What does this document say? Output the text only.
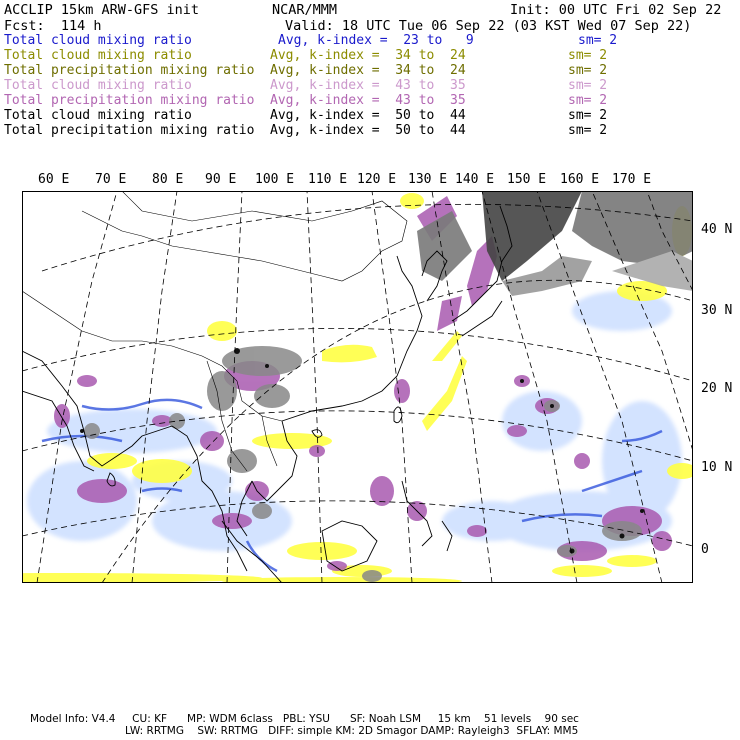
ACCLIP 15km ARW-GFS init	NCAR/MMM	Init: 00 UTC Fri 02 Sep 22
Fcst:  114 h	Valid: 18 UTC Tue 06 Sep 22 (03 KST Wed 07 Sep 22)
Total cloud mixing ratio	Avg, k-index =  23 to   9	sm= 2
Total cloud mixing ratio	Avg, k-index =  34 to  24	sm= 2
Total precipitation mixing ratio Avg, k-index =  34 to  24	sm= 2
Total cloud mixing ratio	Avg, k-index =  43 to  35	sm= 2
Total precipitation mixing ratio Avg, k-index =  43 to  35	sm= 2
Total cloud mixing ratio	Avg, k-index =  50 to  44	sm= 2
Total precipitation mixing ratio Avg, k-index =  50 to  44	sm= 2
60 E 70 E 80 E 90 E 100 E 110 E 120 E 130 E 140 E 150 E 160 E 170 E
40 N
30 N
20 N
10 N
0
Model Info: V4.4     CU: KF      MP: WDM 6class   PBL: YSU      SF: Noah LSM     15 km    51 levels    90 sec
LW: RRTMG    SW: RRTMG   DIFF: simple KM: 2D Smagor DAMP: Rayleigh3  SFLAY: MM5
